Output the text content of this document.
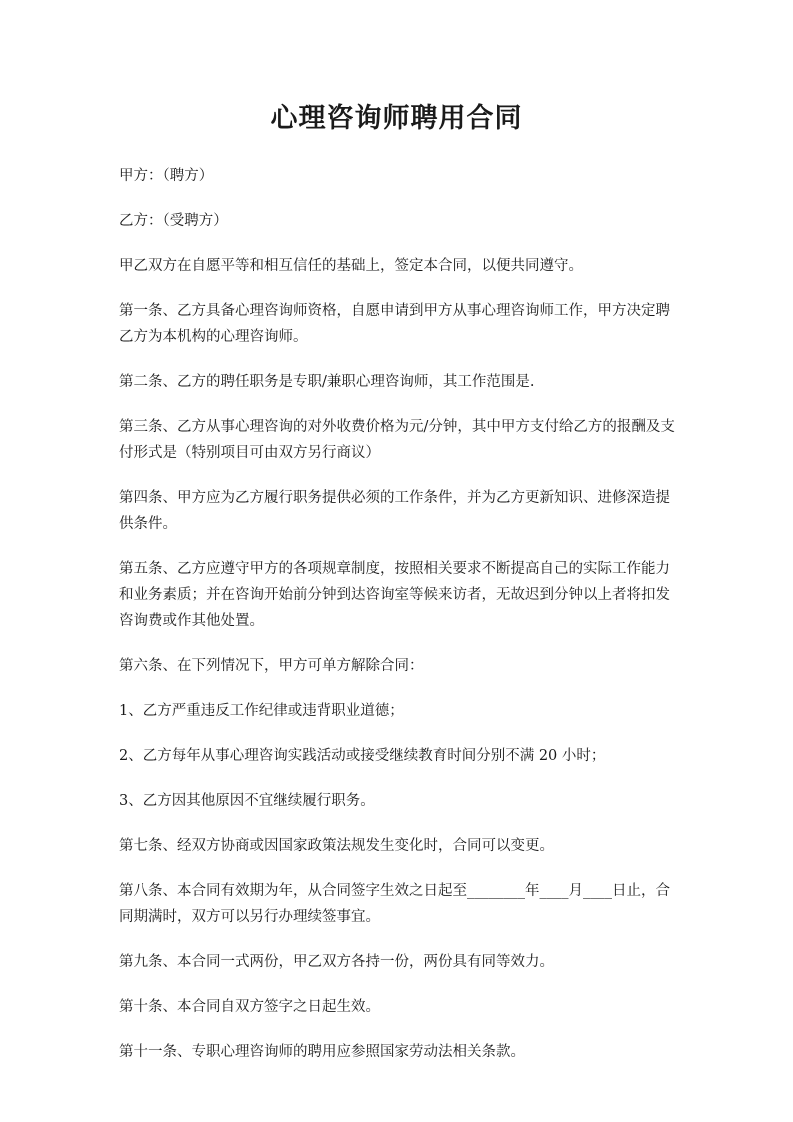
心理咨询师聘用合同

甲方：（聘方）

乙方：（受聘方）

甲乙双方在自愿平等和相互信任的基础上，签定本合同，以便共同遵守。

第一条、乙方具备心理咨询师资格，自愿申请到甲方从事心理咨询师工作，甲方决定聘乙方为本机构的心理咨询师。

第二条、乙方的聘任职务是专职/兼职心理咨询师，其工作范围是.

第三条、乙方从事心理咨询的对外收费价格为元/分钟，其中甲方支付给乙方的报酬及支付形式是（特别项目可由双方另行商议）

第四条、甲方应为乙方履行职务提供必须的工作条件，并为乙方更新知识、进修深造提供条件。

第五条、乙方应遵守甲方的各项规章制度，按照相关要求不断提高自己的实际工作能力和业务素质；并在咨询开始前分钟到达咨询室等候来访者，无故迟到分钟以上者将扣发咨询费或作其他处置。

第六条、在下列情况下，甲方可单方解除合同：

1、乙方严重违反工作纪律或违背职业道德；

2、乙方每年从事心理咨询实践活动或接受继续教育时间分别不满 20 小时；

3、乙方因其他原因不宜继续履行职务。

第七条、经双方协商或因国家政策法规发生变化时，合同可以变更。

第八条、本合同有效期为年，从合同签字生效之日起至________年____月____日止，合同期满时，双方可以另行办理续签事宜。

第九条、本合同一式两份，甲乙双方各持一份，两份具有同等效力。

第十条、本合同自双方签字之日起生效。

第十一条、专职心理咨询师的聘用应参照国家劳动法相关条款。
